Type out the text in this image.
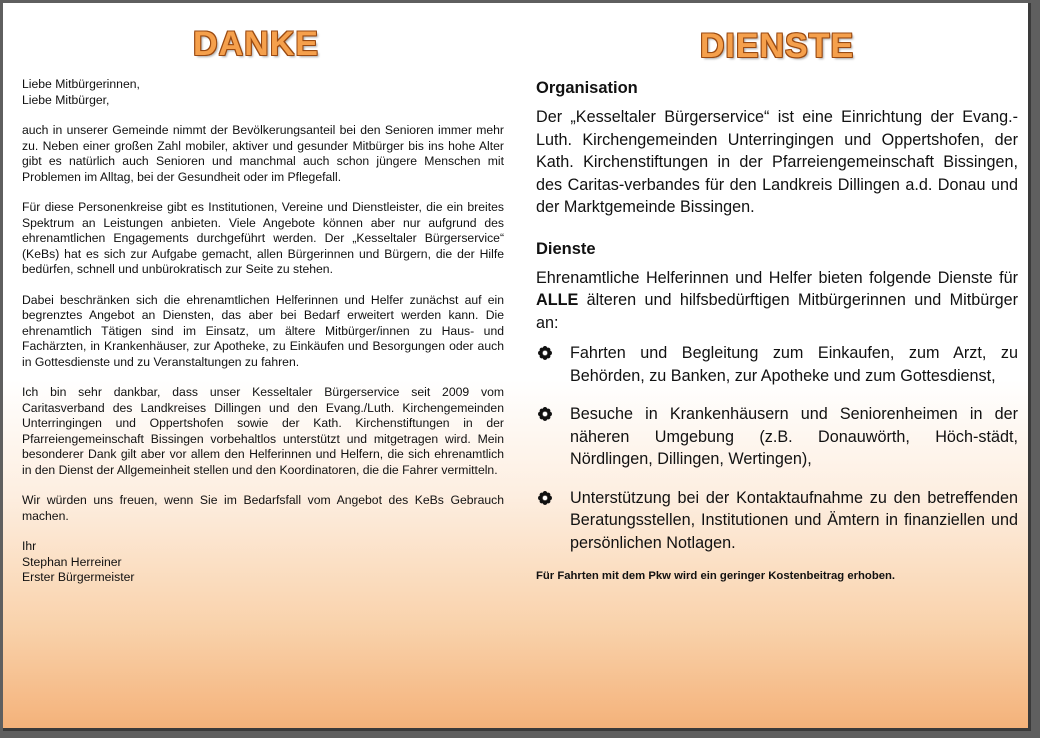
DANKE

Liebe Mitbürgerinnen,
Liebe Mitbürger,

auch in unserer Gemeinde nimmt der Bevölkerungsanteil bei den Senioren immer mehr zu. Neben einer großen Zahl mobiler, aktiver und gesunder Mitbürger bis ins hohe Alter gibt es natürlich auch Senioren und manchmal auch schon jüngere Menschen mit Problemen im Alltag, bei der Gesundheit oder im Pflegefall.

Für diese Personenkreise gibt es Institutionen, Vereine und Dienstleister, die ein breites Spektrum an Leistungen anbieten. Viele Angebote können aber nur aufgrund des ehrenamtlichen Engagements durchgeführt werden. Der „Kesseltaler Bürgerservice“ (KeBs) hat es sich zur Aufgabe gemacht, allen Bürgerinnen und Bürgern, die der Hilfe bedürfen, schnell und unbürokratisch zur Seite zu stehen.

Dabei beschränken sich die ehrenamtlichen Helferinnen und Helfer zunächst auf ein begrenztes Angebot an Diensten, das aber bei Bedarf erweitert werden kann. Die ehrenamtlich Tätigen sind im Einsatz, um ältere Mitbürger/innen zu Haus- und Fachärzten, in Krankenhäuser, zur Apotheke, zu Einkäufen und Besorgungen oder auch in Gottesdienste und zu Veranstaltungen zu fahren.

Ich bin sehr dankbar, dass unser Kesseltaler Bürgerservice seit 2009 vom Caritasverband des Landkreises Dillingen und den Evang./Luth. Kirchengemeinden Unterringingen und Oppertshofen sowie der Kath. Kirchenstiftungen in der Pfarreiengemeinschaft Bissingen vorbehaltlos unterstützt und mitgetragen wird. Mein besonderer Dank gilt aber vor allem den Helferinnen und Helfern, die sich ehrenamtlich in den Dienst der Allgemeinheit stellen und den Koordinatoren, die die Fahrer vermitteln.

Wir würden uns freuen, wenn Sie im Bedarfsfall vom Angebot des KeBs Gebrauch machen.

Ihr
Stephan Herreiner
Erster Bürgermeister

DIENSTE
Organisation

Der „Kesseltaler Bürgerservice“ ist eine Einrichtung der Evang.-Luth. Kirchengemeinden Unterringingen und Oppertshofen, der Kath. Kirchenstiftungen in der Pfarreiengemeinschaft Bissingen, des Caritas-verbandes für den Landkreis Dillingen a.d. Donau und der Marktgemeinde Bissingen.

Dienste

Ehrenamtliche Helferinnen und Helfer bieten folgende Dienste für ALLE älteren und hilfsbedürftigen Mitbürgerinnen und Mitbürger an:

Fahrten und Begleitung zum Einkaufen, zum Arzt, zu Behörden, zu Banken, zur Apotheke und zum Gottesdienst,
Besuche in Krankenhäusern und Seniorenheimen in der näheren Umgebung (z.B. Donauwörth, Höch-städt, Nördlingen, Dillingen, Wertingen),
Unterstützung bei der Kontaktaufnahme zu den betreffenden Beratungsstellen, Institutionen und Ämtern in finanziellen und persönlichen Notlagen.
Für Fahrten mit dem Pkw wird ein geringer Kostenbeitrag erhoben.
